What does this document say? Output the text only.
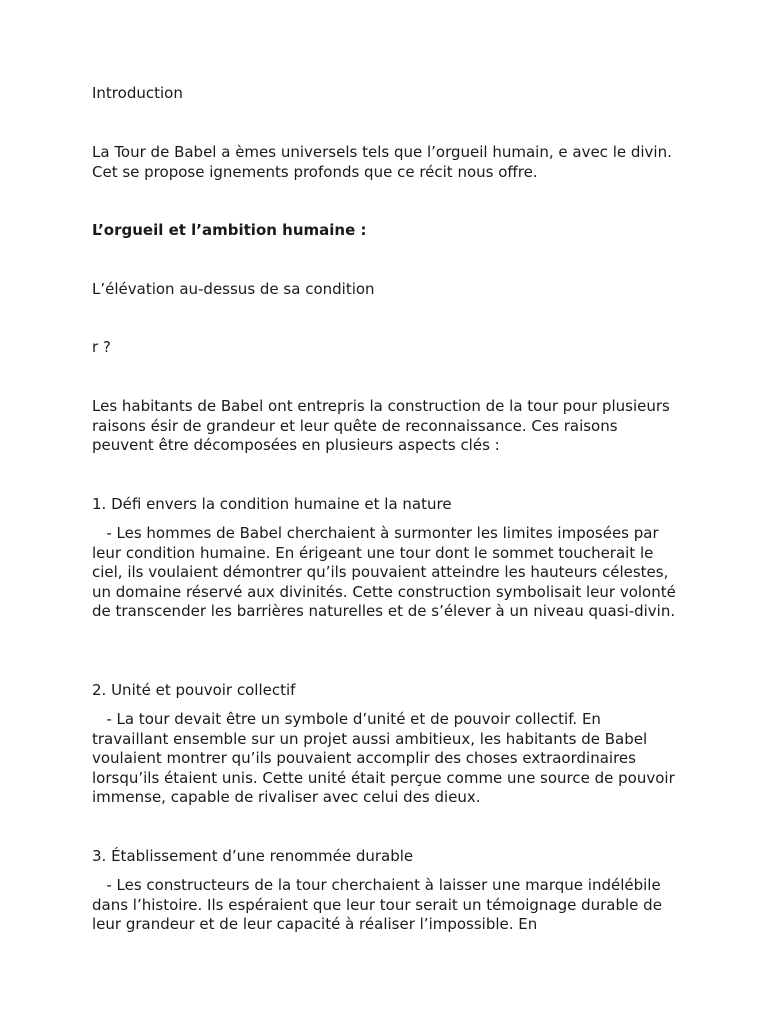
Introduction

La Tour de Babel a èmes universels tels que l’orgueil humain, e avec le divin. Cet se propose ignements profonds que ce récit nous offre.

L’orgueil et l’ambition humaine :

L’élévation au-dessus de sa condition

r ?

Les habitants de Babel ont entrepris la construction de la tour pour plusieurs raisons ésir de grandeur et leur quête de reconnaissance. Ces raisons peuvent être décomposées en plusieurs aspects clés :

1. Défi envers la condition humaine et la nature

- Les hommes de Babel cherchaient à surmonter les limites imposées par leur condition humaine. En érigeant une tour dont le sommet toucherait le ciel, ils voulaient démontrer qu’ils pouvaient atteindre les hauteurs célestes, un domaine réservé aux divinités. Cette construction symbolisait leur volonté de transcender les barrières naturelles et de s’élever à un niveau quasi-divin.

2. Unité et pouvoir collectif

- La tour devait être un symbole d’unité et de pouvoir collectif. En travaillant ensemble sur un projet aussi ambitieux, les habitants de Babel voulaient montrer qu’ils pouvaient accomplir des choses extraordinaires lorsqu’ils étaient unis. Cette unité était perçue comme une source de pouvoir immense, capable de rivaliser avec celui des dieux.

3. Établissement d’une renommée durable

- Les constructeurs de la tour cherchaient à laisser une marque indélébile dans l’histoire. Ils espéraient que leur tour serait un témoignage durable de leur grandeur et de leur capacité à réaliser l’impossible. En
